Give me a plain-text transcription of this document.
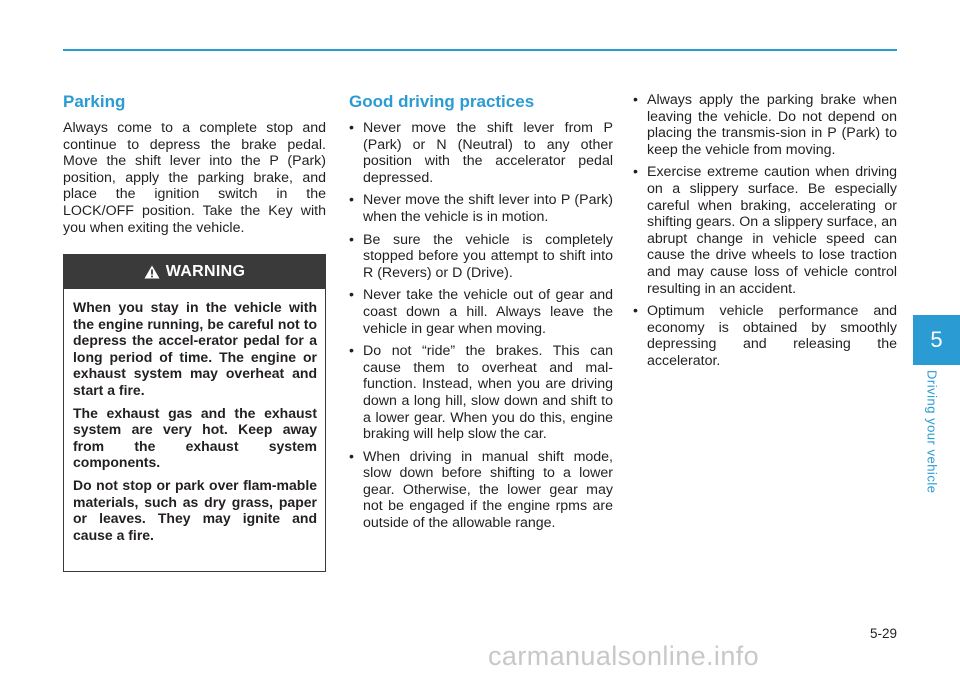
Parking

Always come to a complete stop and continue to depress the brake pedal. Move the shift lever into the P (Park) position, apply the parking brake, and place the ignition switch in the LOCK/OFF position. Take the Key with you when exiting the vehicle.

WARNING

When you stay in the vehicle with the engine running, be careful not to depress the accel-erator pedal for a long period of time. The engine or exhaust system may overheat and start a fire.

The exhaust gas and the exhaust system are very hot. Keep away from the exhaust system components.

Do not stop or park over flam-mable materials, such as dry grass, paper or leaves. They may ignite and cause a fire.

Good driving practices
• Never move the shift lever from P (Park) or N (Neutral) to any other position with the accelerator pedal depressed.
• Never move the shift lever into P (Park) when the vehicle is in motion.
• Be sure the vehicle is completely stopped before you attempt to shift into R (Revers) or D (Drive).
• Never take the vehicle out of gear and coast down a hill. Always leave the vehicle in gear when moving.
• Do not “ride” the brakes. This can cause them to overheat and mal-function. Instead, when you are driving down a long hill, slow down and shift to a lower gear. When you do this, engine braking will help slow the car.
• When driving in manual shift mode, slow down before shifting to a lower gear. Otherwise, the lower gear may not be engaged if the engine rpms are outside of the allowable range.
• Always apply the parking brake when leaving the vehicle. Do not depend on placing the transmis-sion in P (Park) to keep the vehicle from moving.
• Exercise extreme caution when driving on a slippery surface. Be especially careful when braking, accelerating or shifting gears. On a slippery surface, an abrupt change in vehicle speed can cause the drive wheels to lose traction and may cause loss of vehicle control resulting in an accident.
• Optimum vehicle performance and economy is obtained by smoothly depressing and releasing the accelerator.
5
Driving your vehicle
5-29
carmanualsonline.info
